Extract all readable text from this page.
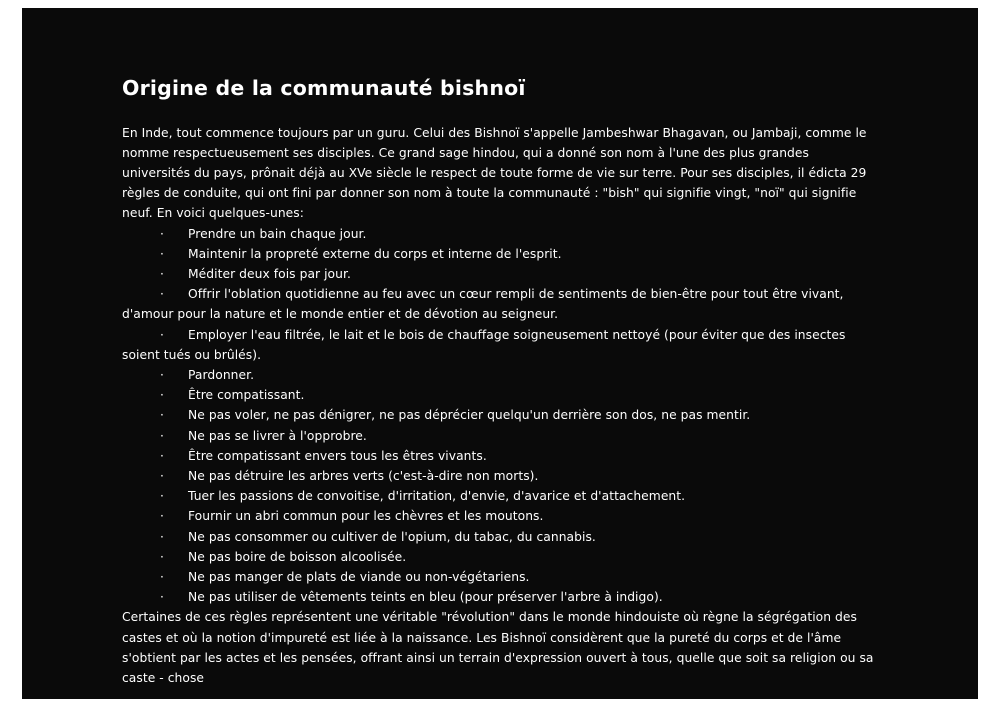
Origine de la communauté bishnoï

En Inde, tout commence toujours par un guru. Celui des Bishnoï s'appelle Jambeshwar Bhagavan, ou Jambaji, comme le nomme respectueusement ses disciples. Ce grand sage hindou, qui a donné son nom à l'une des plus grandes universités du pays, prônait déjà au XVe siècle le respect de toute forme de vie sur terre. Pour ses disciples, il édicta 29 règles de conduite, qui ont fini par donner son nom à toute la communauté : "bish" qui signifie vingt, "noï" qui signifie neuf. En voici quelques-unes:

· Prendre un bain chaque jour.
· Maintenir la propreté externe du corps et interne de l'esprit.
· Méditer deux fois par jour.
· Offrir l'oblation quotidienne au feu avec un cœur rempli de sentiments de bien-être pour tout être vivant, d'amour pour la nature et le monde entier et de dévotion au seigneur.
· Employer l'eau filtrée, le lait et le bois de chauffage soigneusement nettoyé (pour éviter que des insectes soient tués ou brûlés).
· Pardonner.
· Être compatissant.
· Ne pas voler, ne pas dénigrer, ne pas déprécier quelqu'un derrière son dos, ne pas mentir.
· Ne pas se livrer à l'opprobre.
· Être compatissant envers tous les êtres vivants.
· Ne pas détruire les arbres verts (c'est-à-dire non morts).
· Tuer les passions de convoitise, d'irritation, d'envie, d'avarice et d'attachement.
· Fournir un abri commun pour les chèvres et les moutons.
· Ne pas consommer ou cultiver de l'opium, du tabac, du cannabis.
· Ne pas boire de boisson alcoolisée.
· Ne pas manger de plats de viande ou non-végétariens.
· Ne pas utiliser de vêtements teints en bleu (pour préserver l'arbre à indigo).

Certaines de ces règles représentent une véritable "révolution" dans le monde hindouiste où règne la ségrégation des castes et où la notion d'impureté est liée à la naissance. Les Bishnoï considèrent que la pureté du corps et de l'âme s'obtient par les actes et les pensées, offrant ainsi un terrain d'expression ouvert à tous, quelle que soit sa religion ou sa caste - chose
